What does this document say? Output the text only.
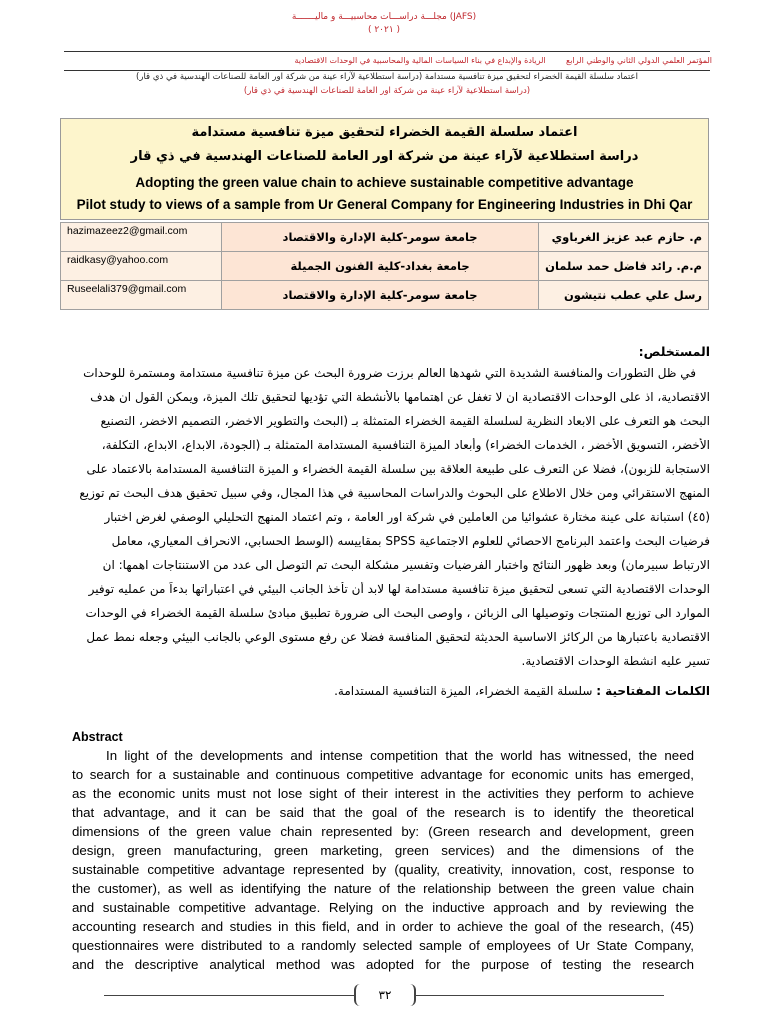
مجلـــة دراســـات محاسبيـــة و ماليـــــــة (JAFS)
( ٢٠٢١ )
المؤتمر العلمي الدولي الثاني والوطني الرابع        الريادة والإبداع في بناء السياسات المالية والمحاسبية في الوحدات الاقتصادية
اعتماد سلسلة القيمة الخضراء لتحقيق ميزة تنافسية مستدامة (دراسة استطلاعية لآراء عينة من شركة اور العامة للصناعات الهندسية في ذي قار)
(دراسة استطلاعية لآراء عينة من شركة اور العامة للصناعات الهندسية في ذي قار)
اعتماد سلسلة القيمة الخضراء لتحقيق ميزة تنافسية مستدامة
دراسة استطلاعية لآراء عينة من شركة اور العامة للصناعات الهندسية في ذي قار
Adopting the green value chain to achieve sustainable competitive advantage
Pilot study to views of a sample from Ur General Company for Engineering Industries in Dhi Qar
hazimazeez2@gmail.com	جامعة سومر-كلية الإدارة والاقتصاد	م. حازم عبد عزيز الغرباوي
raidkasy@yahoo.com	جامعة بغداد-كلية الفنون الجميلة	م.م. رائد فاضل حمد سلمان
Ruseelali379@gmail.com	جامعة سومر-كلية الإدارة والاقتصاد	رسل علي عطب نتيشون
المستخلص:
في ظل التطورات والمنافسة الشديدة التي شهدها العالم برزت ضرورة البحث عن ميزة تنافسية مستدامة ومستمرة للوحدات
الاقتصادية، اذ على الوحدات الاقتصادية ان لا تغفل عن اهتمامها بالأنشطة التي تؤديها لتحقيق تلك الميزة، ويمكن القول ان هدف
البحث هو التعرف على الابعاد النظرية لسلسلة القيمة الخضراء المتمثلة بـ (البحث والتطوير الاخضر، التصميم الاخضر، التصنيع
الأخضر، التسويق الأخضر ، الخدمات الخضراء) وأبعاد الميزة التنافسية المستدامة المتمثلة بـ (الجودة، الابداع، الابداع، التكلفة،
الاستجابة للزبون)، فضلا عن التعرف على طبيعة العلاقة بين سلسلة القيمة الخضراء و الميزة التنافسية المستدامة بالاعتماد على
المنهج الاستقرائي ومن خلال الاطلاع على البحوث والدراسات المحاسبية في هذا المجال، وفي سبيل تحقيق هدف البحث تم توزيع
(٤٥) استبانة على عينة مختارة عشوائيا من العاملين في شركة اور العامة ، وتم اعتماد المنهج التحليلي الوصفي لغرض اختبار
فرضيات البحث واعتمد البرنامج الاحصائي للعلوم الاجتماعية SPSS بمقاييسه (الوسط الحسابي، الانحراف المعياري، معامل
الارتباط سبيرمان) وبعد ظهور النتائج واختبار الفرضيات وتفسير مشكلة البحث تم التوصل الى عدد من الاستنتاجات اهمها: ان
الوحدات الاقتصادية التي تسعى لتحقيق ميزة تنافسية مستدامة لها لابد أن تأخذ الجانب البيئي في اعتباراتها بدءاً من عمليه توفير
الموارد الى توزيع المنتجات وتوصيلها الى الزبائن ، واوصى البحث الى ضرورة تطبيق مبادئ سلسلة القيمة الخضراء في الوحدات
الاقتصادية باعتبارها من الركائز الاساسية الحديثة لتحقيق المنافسة فضلا عن رفع مستوى الوعي بالجانب البيئي وجعله نمط عمل
تسير عليه انشطة الوحدات الاقتصادية.
الكلمات المفتاحية : سلسلة القيمة الخضراء، الميزة التنافسية المستدامة.
Abstract
In light of the developments and intense competition that the world has witnessed, the need
to search for a sustainable and continuous competitive advantage for economic units has emerged,
as the economic units must not lose sight of their interest in the activities they perform to achieve
that advantage, and it can be said that the goal of the research is to identify the theoretical
dimensions of the green value chain represented by: (Green research and development, green
design, green manufacturing, green marketing, green services) and the dimensions of the
sustainable competitive advantage represented by (quality, creativity, innovation, cost, response to
the customer), as well as identifying the nature of the relationship between the green value chain
and sustainable competitive advantage. Relying on the inductive approach and by reviewing the
accounting research and studies in this field, and in order to achieve the goal of the research, (45)
questionnaires were distributed to a randomly selected sample of employees of Ur State Company,
and the descriptive analytical method was adopted for the purpose of testing the research
٣٢
